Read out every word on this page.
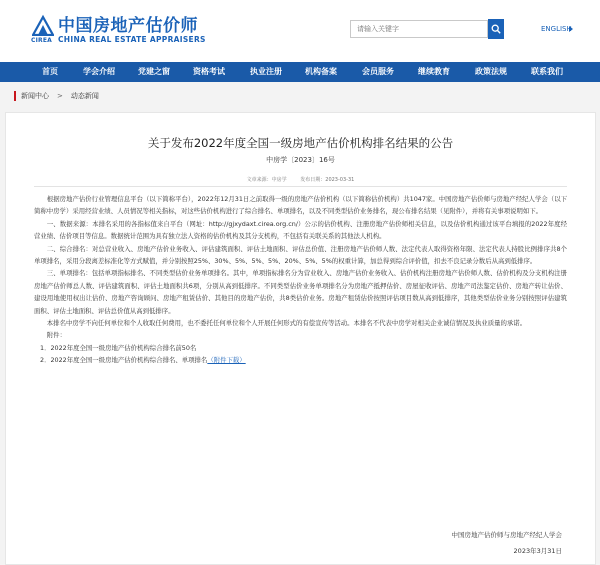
CIREA
中国房地产估价师
CHINA REAL ESTATE APPRAISERS
请输入关键字
ENGLISH
首页	学会介绍	党建之窗	资格考试	执业注册	机构备案	会员服务	继续教育	政策法规	联系我们
新闻中心 > 动态新闻
关于发布2022年度全国一级房地产估价机构排名结果的公告
中房学〔2023〕16号
文章来源：中房学	发布日期：2023-03-31

根据房地产估价行业管理信息平台（以下简称平台），2022年12月31日之前取得一级的房地产估价机构（以下简称估价机构）共1047家。中国房地产估价师与房地产经纪人学会（以下简称中房学）采用经营业绩、人员情况等相关指标，对这些估价机构进行了综合排名、单项排名，以及不同类型估价业务排名，现公布排名结果（见附件），并将有关事项说明如下。

一、数据来源：本排名采用的各指标值来自平台（网址：http://gjxydaxt.cirea.org.cn/）公示的估价机构、注册房地产估价师相关信息，以及估价机构通过该平台填报的2022年度经营业绩、估价项目等信息。数据统计范围为具有独立法人资格的估价机构及其分支机构，不包括有关联关系的其他法人机构。

二、综合排名：对总营业收入、房地产估价业务收入、评估建筑面积、评估土地面积、评估总价值、注册房地产估价师人数、法定代表人取得资格年限、法定代表人持股比例排序共8个单项排名，采用分段离差标准化等方式赋值，并分别按照25%、30%、5%、5%、5%、20%、5%、5%的权重计算，加总得到综合评价值，扣去不良记录分数后从高到低排序。

三、单项排名：包括单项指标排名、不同类型估价业务单项排名。其中，单项指标排名分为营业收入、房地产估价业务收入、估价机构注册房地产估价师人数、估价机构及分支机构注册房地产估价师总人数、评估建筑面积、评估土地面积共6项，分别从高到低排序。不同类型估价业务单项排名分为房地产抵押估价、房屋征收评估、房地产司法鉴定估价、房地产转让估价、建设用地使用权出让估价、房地产咨询顾问、房地产租赁估价、其他目的房地产估价，共8类估价业务。房地产租赁估价按照评估项目数从高到低排序，其他类型估价业务分别按照评估建筑面积、评估土地面积、评估总价值从高到低排序。

本排名中房学不向任何单位和个人收取任何费用，也不委托任何单位和个人开展任何形式的有偿宣传等活动。本排名不代表中房学对相关企业诚信情况及执业质量的承诺。

附件：

1．2022年度全国一级房地产估价机构综合排名前50名

2．2022年度全国一级房地产估价机构综合排名、单项排名（附件下载）

中国房地产估价师与房地产经纪人学会
2023年3月31日
